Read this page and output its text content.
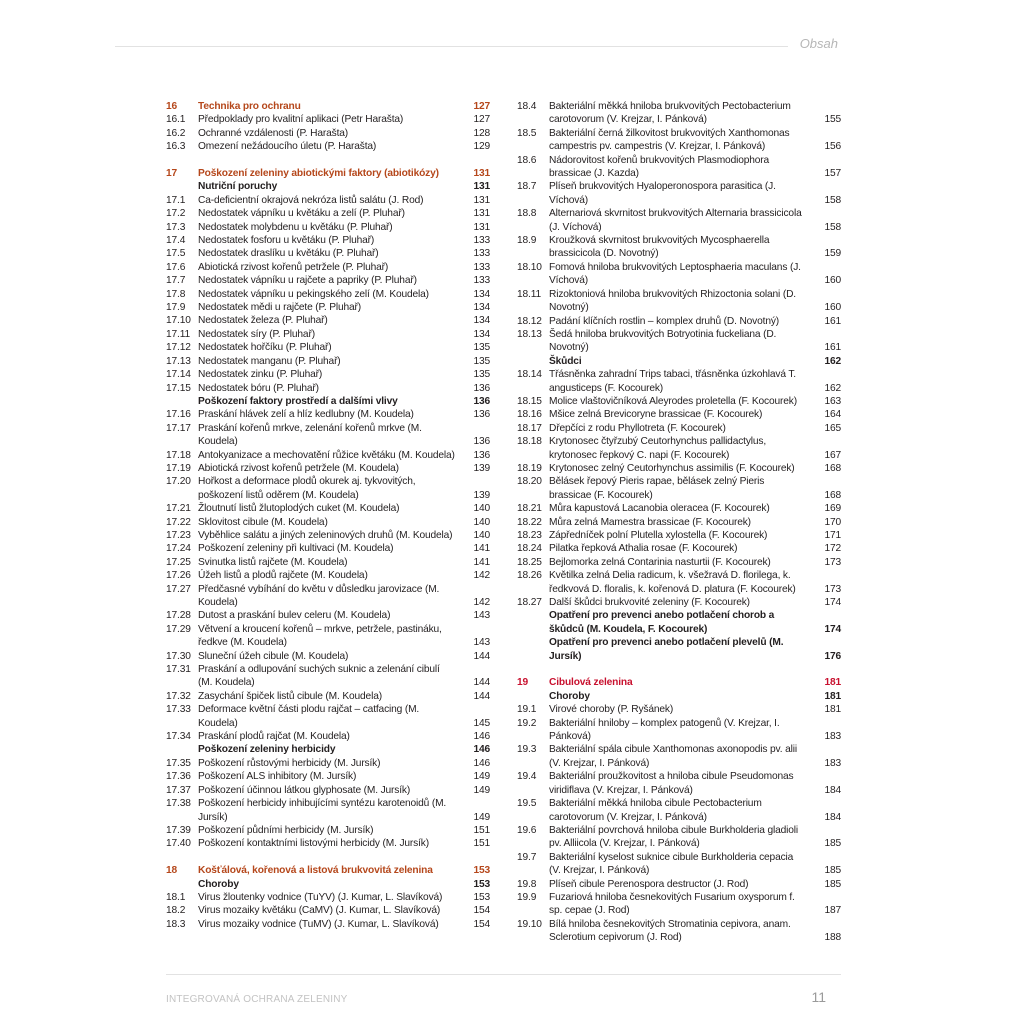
Obsah
16 Technika pro ochranu	127
16.1 Předpoklady pro kvalitní aplikaci (Petr Harašta)	127
16.2 Ochranné vzdálenosti (P. Harašta)	128
16.3 Omezení nežádoucího úletu (P. Harašta)	129
17 Poškození zeleniny abiotickými faktory (abiotikózy)	131
Nutriční poruchy	131
17.1 Ca-deficientní okrajová nekróza listů salátu (J. Rod)	131
17.2 Nedostatek vápníku u květáku a zelí (P. Pluhař)	131
17.3 Nedostatek molybdenu u květáku (P. Pluhař)	131
17.4 Nedostatek fosforu u květáku (P. Pluhař)	133
17.5 Nedostatek draslíku u květáku (P. Pluhař)	133
17.6 Abiotická rzivost kořenů petržele (P. Pluhař)	133
17.7 Nedostatek vápníku u rajčete a papriky (P. Pluhař)	133
17.8 Nedostatek vápníku u pekingského zelí (M. Koudela)	134
17.9 Nedostatek mědi u rajčete (P. Pluhař)	134
17.10 Nedostatek železa (P. Pluhař)	134
17.11 Nedostatek síry (P. Pluhař)	134
17.12 Nedostatek hořčíku (P. Pluhař)	135
17.13 Nedostatek manganu (P. Pluhař)	135
17.14 Nedostatek zinku (P. Pluhař)	135
17.15 Nedostatek bóru (P. Pluhař)	136
Poškození faktory prostředí a dalšími vlivy	136
17.16 Praskání hlávek zelí a hlíz kedlubny (M. Koudela)	136
17.17 Praskání kořenů mrkve, zelenání kořenů mrkve (M. Koudela)	136
17.18 Antokyanizace a mechovatění růžice květáku (M. Koudela) 136
17.19 Abiotická rzivost kořenů petržele (M. Koudela)	139
17.20 Hořkost a deformace plodů okurek aj. tykvovitých, poškození listů oděrem (M. Koudela)	139
17.21 Žloutnutí listů žlutoplodých cuket (M. Koudela)	140
17.22 Sklovitost cibule (M. Koudela)	140
17.23 Vyběhlice salátu a jiných zeleninových druhů (M. Koudela)	140
17.24 Poškození zeleniny při kultivaci (M. Koudela)	141
17.25 Svinutka listů rajčete (M. Koudela)	141
17.26 Úžeh listů a plodů rajčete (M. Koudela)	142
17.27 Předčasné vybíhání do květu v důsledku jarovizace (M. Koudela)	142
17.28 Dutost a praskání bulev celeru (M. Koudela)	143
17.29 Větvení a kroucení kořenů – mrkve, petržele, pastináku, ředkve (M. Koudela)	143
17.30 Sluneční úžeh cibule (M. Koudela)	144
17.31 Praskání a odlupování suchých suknic a zelenání cibulí (M. Koudela)	144
17.32 Zasychání špiček listů cibule (M. Koudela)	144
17.33 Deformace květní části plodu rajčat – catfacing (M. Koudela)	145
17.34 Praskání plodů rajčat (M. Koudela)	146
Poškození zeleniny herbicidy	146
17.35 Poškození růstovými herbicidy (M. Jursík)	146
17.36 Poškození ALS inhibitory (M. Jursík)	149
17.37 Poškození účinnou látkou glyphosate (M. Jursík)	149
17.38 Poškození herbicidy inhibujícími syntézu karotenoidů (M. Jursík)	149
17.39 Poškození půdními herbicidy (M. Jursík)	151
17.40 Poškození kontaktními listovými herbicidy (M. Jursík)	151
18 Košťálová, kořenová a listová brukvovitá zelenina	153
Choroby	153
18.1 Virus žloutenky vodnice (TuYV) (J. Kumar, L. Slavíková)	153
18.2 Virus mozaiky květáku (CaMV) (J. Kumar, L. Slavíková)	154
18.3 Virus mozaiky vodnice (TuMV) (J. Kumar, L. Slavíková)	154
18.4 Bakteriální měkká hniloba brukvovitých Pectobacterium carotovorum (V. Krejzar, I. Pánková)	155
18.5 Bakteriální černá žilkovitost brukvovitých Xanthomonas campestris pv. campestris (V. Krejzar, I. Pánková)	156
18.6 Nádorovitost kořenů brukvovitých Plasmodiophora brassicae (J. Kazda)	157
18.7 Plíseň brukvovitých Hyaloperonospora parasitica (J. Víchová)	158
18.8 Alternariová skvrnitost brukvovitých Alternaria brassicicola (J. Víchová)	158
18.9 Kroužková skvrnitost brukvovitých Mycosphaerella brassicicola (D. Novotný)	159
18.10 Fomová hniloba brukvovitých Leptosphaeria maculans (J. Víchová)	160
18.11 Rizoktoniová hniloba brukvovitých Rhizoctonia solani (D. Novotný)	160
18.12 Padání klíčních rostlin – komplex druhů (D. Novotný)	161
18.13 Šedá hniloba brukvovitých Botryotinia fuckeliana (D. Novotný)	161
Škůdci	162
18.14 Třásněnka zahradní Trips tabaci, třásněnka úzkohlavá T. angusticeps (F. Kocourek)	162
18.15 Molice vlaštovičníková Aleyrodes proletella (F. Kocourek)	163
18.16 Mšice zelná Brevicoryne brassicae (F. Kocourek)	164
18.17 Dřepčíci z rodu Phyllotreta (F. Kocourek)	165
18.18 Krytonosec čtyřzubý Ceutorhynchus pallidactylus, krytonosec řepkový C. napi (F. Kocourek)	167
18.19 Krytonosec zelný Ceutorhynchus assimilis (F. Kocourek)	168
18.20 Bělásek řepový Pieris rapae, bělásek zelný Pieris brassicae (F. Kocourek)	168
18.21 Můra kapustová Lacanobia oleracea (F. Kocourek)	169
18.22 Můra zelná Mamestra brassicae (F. Kocourek)	170
18.23 Zápředníček polní Plutella xylostella (F. Kocourek)	171
18.24 Pilatka řepková Athalia rosae (F. Kocourek)	172
18.25 Bejlomorka zelná Contarinia nasturtii (F. Kocourek)	173
18.26 Květilka zelná Delia radicum, k. všežravá D. florilega, k. ředkvová D. floralis, k. kořenová D. platura (F. Kocourek)	173
18.27 Další škůdci brukvovité zeleniny (F. Kocourek)	174
Opatření pro prevenci anebo potlačení chorob a škůdců (M. Koudela, F. Kocourek)	174
Opatření pro prevenci anebo potlačení plevelů (M. Jursík)	176
19 Cibulová zelenina	181
Choroby	181
19.1 Virové choroby (P. Ryšánek)	181
19.2 Bakteriální hniloby – komplex patogenů (V. Krejzar, I. Pánková)	183
19.3 Bakteriální spála cibule Xanthomonas axonopodis pv. alii (V. Krejzar, I. Pánková)	183
19.4 Bakteriální proužkovitost a hniloba cibule Pseudomonas viridiflava (V. Krejzar, I. Pánková)	184
19.5 Bakteriální měkká hniloba cibule Pectobacterium carotovorum (V. Krejzar, I. Pánková)	184
19.6 Bakteriální povrchová hniloba cibule Burkholderia gladioli pv. Alliicola (V. Krejzar, I. Pánková)	185
19.7 Bakteriální kyselost suknice cibule Burkholderia cepacia (V. Krejzar, I. Pánková)	185
19.8 Plíseň cibule Perenospora destructor (J. Rod)	185
19.9 Fuzariová hniloba česnekovitých Fusarium oxysporum f. sp. cepae (J. Rod)	187
19.10 Bílá hniloba česnekovitých Stromatinia cepivora, anam. Sclerotium cepivorum (J. Rod)	188
INTEGROVANÁ OCHRANA ZELENINY	11
